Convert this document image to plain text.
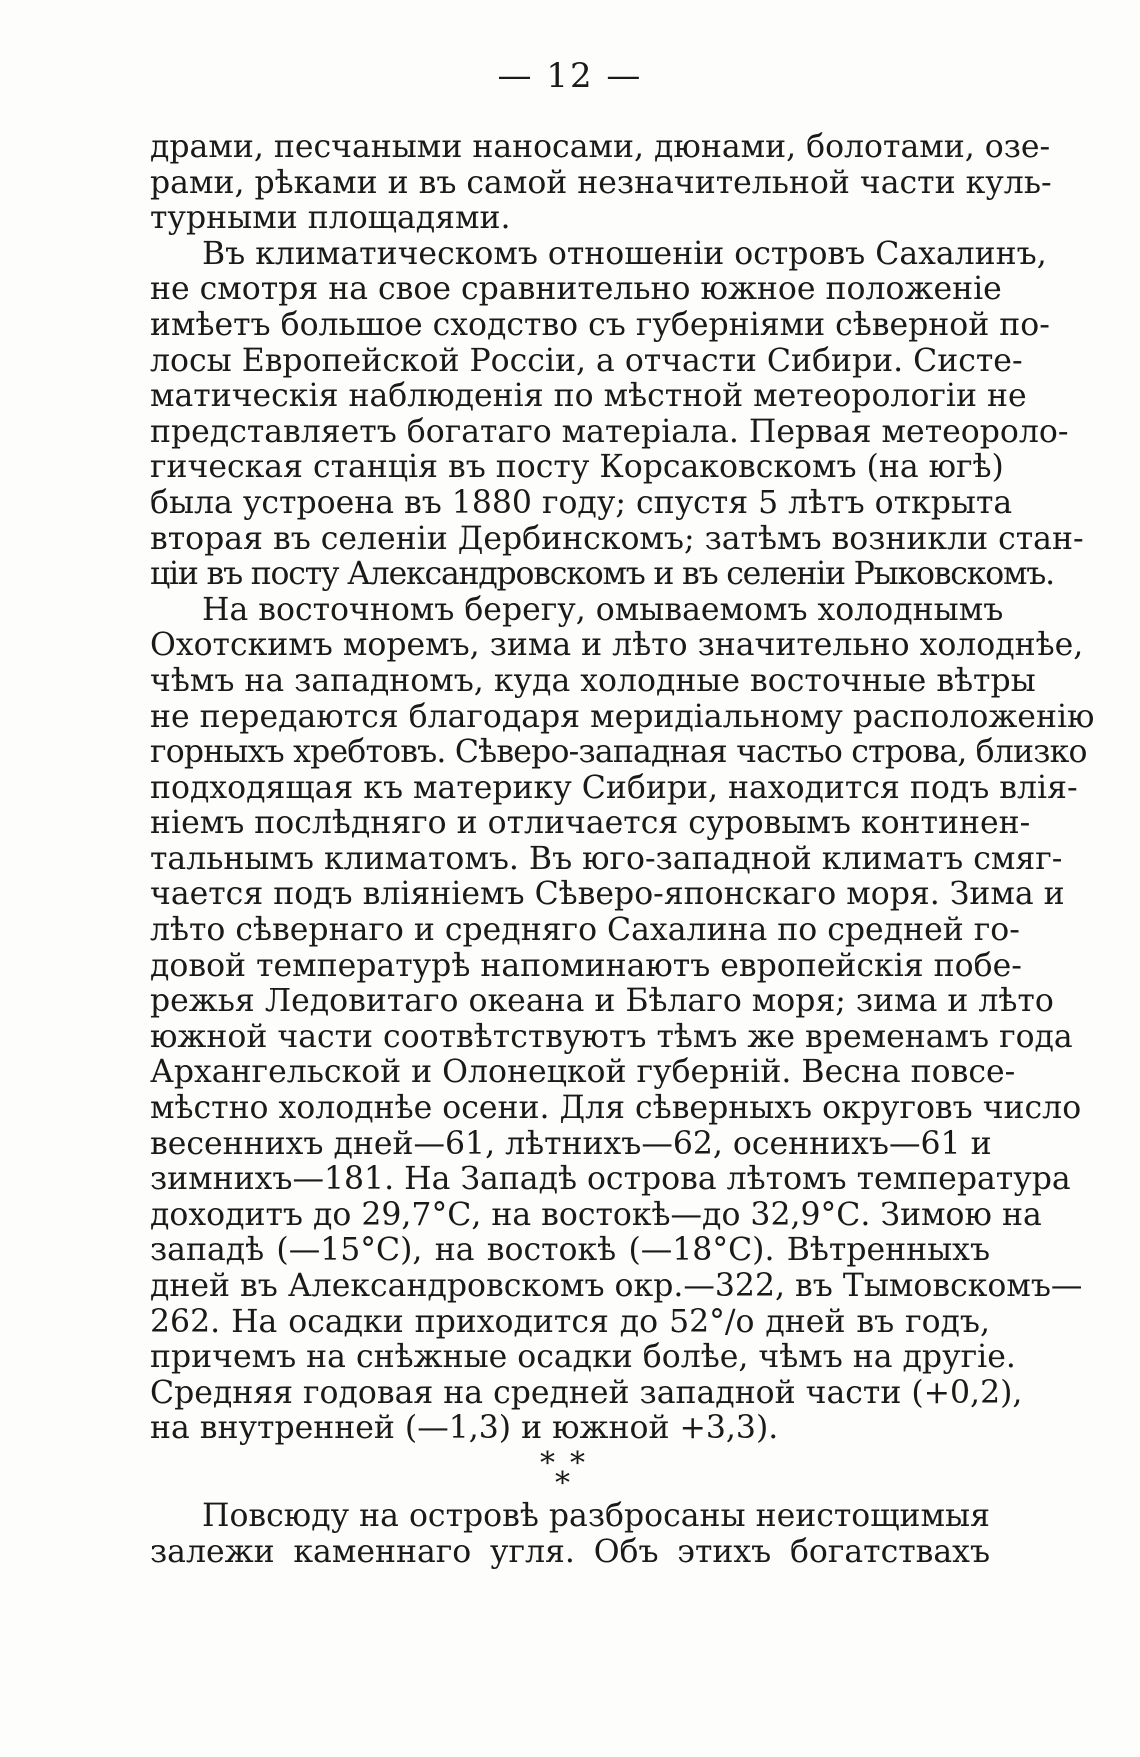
— 12 —
драми, песчаными наносами, дюнами, болотами, озе-
рами, рѣками и въ самой незначительной части куль-
турными площадями.
Въ климатическомъ отношеніи островъ Сахалинъ,
не смотря на свое сравнительно южное положеніе
имѣетъ большое сходство съ губерніями сѣверной по-
лосы Европейской Россіи, а отчасти Сибири. Систе-
матическія наблюденія по мѣстной метеорологіи не
представляетъ богатаго матеріала. Первая метеороло-
гическая станція въ посту Корсаковскомъ (на югѣ)
была устроена въ 1880 году; спустя 5 лѣтъ открыта
вторая въ селеніи Дербинскомъ; затѣмъ возникли стан-
ціи въ посту Александровскомъ и въ селеніи Рыковскомъ.
На восточномъ берегу, омываемомъ холоднымъ
Охотскимъ моремъ, зима и лѣто значительно холоднѣе,
чѣмъ на западномъ, куда холодные восточные вѣтры
не передаются благодаря меридіальному расположенію
горныхъ хребтовъ. Сѣверо-западная частьо строва, близко
подходящая къ материку Сибири, находится подъ влія-
ніемъ послѣдняго и отличается суровымъ континен-
тальнымъ климатомъ. Въ юго-западной климатъ смяг-
чается подъ вліяніемъ Сѣверо-японскаго моря. Зима и
лѣто сѣвернаго и средняго Сахалина по средней го-
довой температурѣ напоминаютъ европейскія побе-
режья Ледовитаго океана и Бѣлаго моря; зима и лѣто
южной части соотвѣтствуютъ тѣмъ же временамъ года
Архангельской и Олонецкой губерній. Весна повсе-
мѣстно холоднѣе осени. Для сѣверныхъ округовъ число
весеннихъ дней—61, лѣтнихъ—62, осеннихъ—61 и
зимнихъ—181. На Западѣ острова лѣтомъ температура
доходитъ до 29,7°С, на востокѣ—до 32,9°С. Зимою на
западѣ (—15°С), на востокѣ (—18°С). Вѣтренныхъ
дней въ Александровскомъ окр.—322, въ Тымовскомъ—
262. На осадки приходится до 52°/о дней въ годъ,
причемъ на снѣжные осадки болѣе, чѣмъ на другіе.
Средняя годовая на средней западной части (+0,2),
на внутренней (—1,3) и южной +3,3).
* *
*
Повсюду на островѣ разбросаны неистощимыя
залежи каменнаго угля. Объ этихъ богатствахъ
